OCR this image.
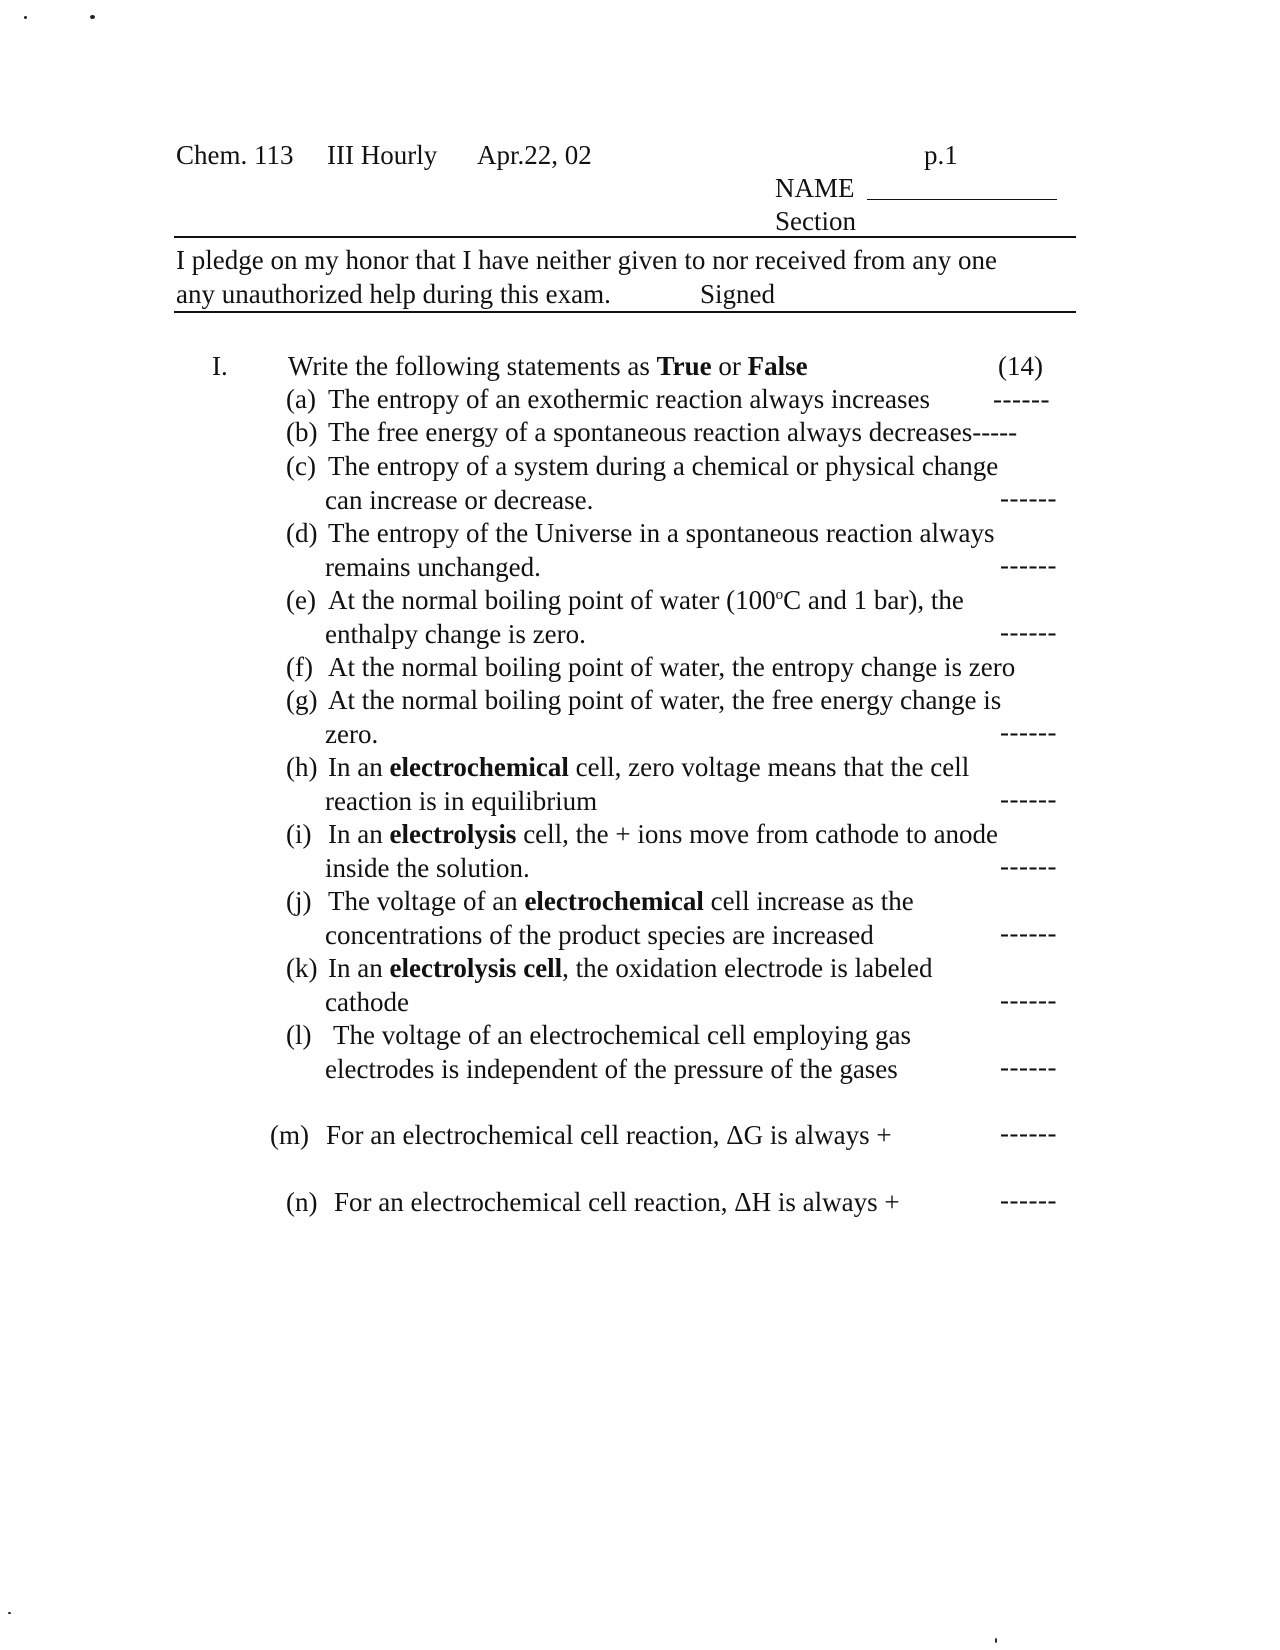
Chem. 113 III Hourly Apr.22, 02	p.1
NAME
Section
I pledge on my honor that I have neither given to nor received from any one
any unauthorized help during this exam.	Signed
I. Write the following statements as True or False	(14)
(a) The entropy of an exothermic reaction always increases ------
(b) The free energy of a spontaneous reaction always decreases-----
(c) The entropy of a system during a chemical or physical change
can increase or decrease.	------
(d) The entropy of the Universe in a spontaneous reaction always
remains unchanged.	------
(e) At the normal boiling point of water (100$^o$C and 1 bar), the
enthalpy change is zero.	------
(f) At the normal boiling point of water, the entropy change is zero
(g) At the normal boiling point of water, the free energy change is
zero.	------
(h) In an electrochemical cell, zero voltage means that the cell
reaction is in equilibrium	------
(i) In an electrolysis cell, the + ions move from cathode to anode
inside the solution.	------
(j) The voltage of an electrochemical cell increase as the
concentrations of the product species are increased	------
(k) In an electrolysis cell, the oxidation electrode is labeled
cathode	------
(l) The voltage of an electrochemical cell employing gas
electrodes is independent of the pressure of the gases	------
(m) For an electrochemical cell reaction, ΔG is always +	------
(n) For an electrochemical cell reaction, ΔH is always +	------
